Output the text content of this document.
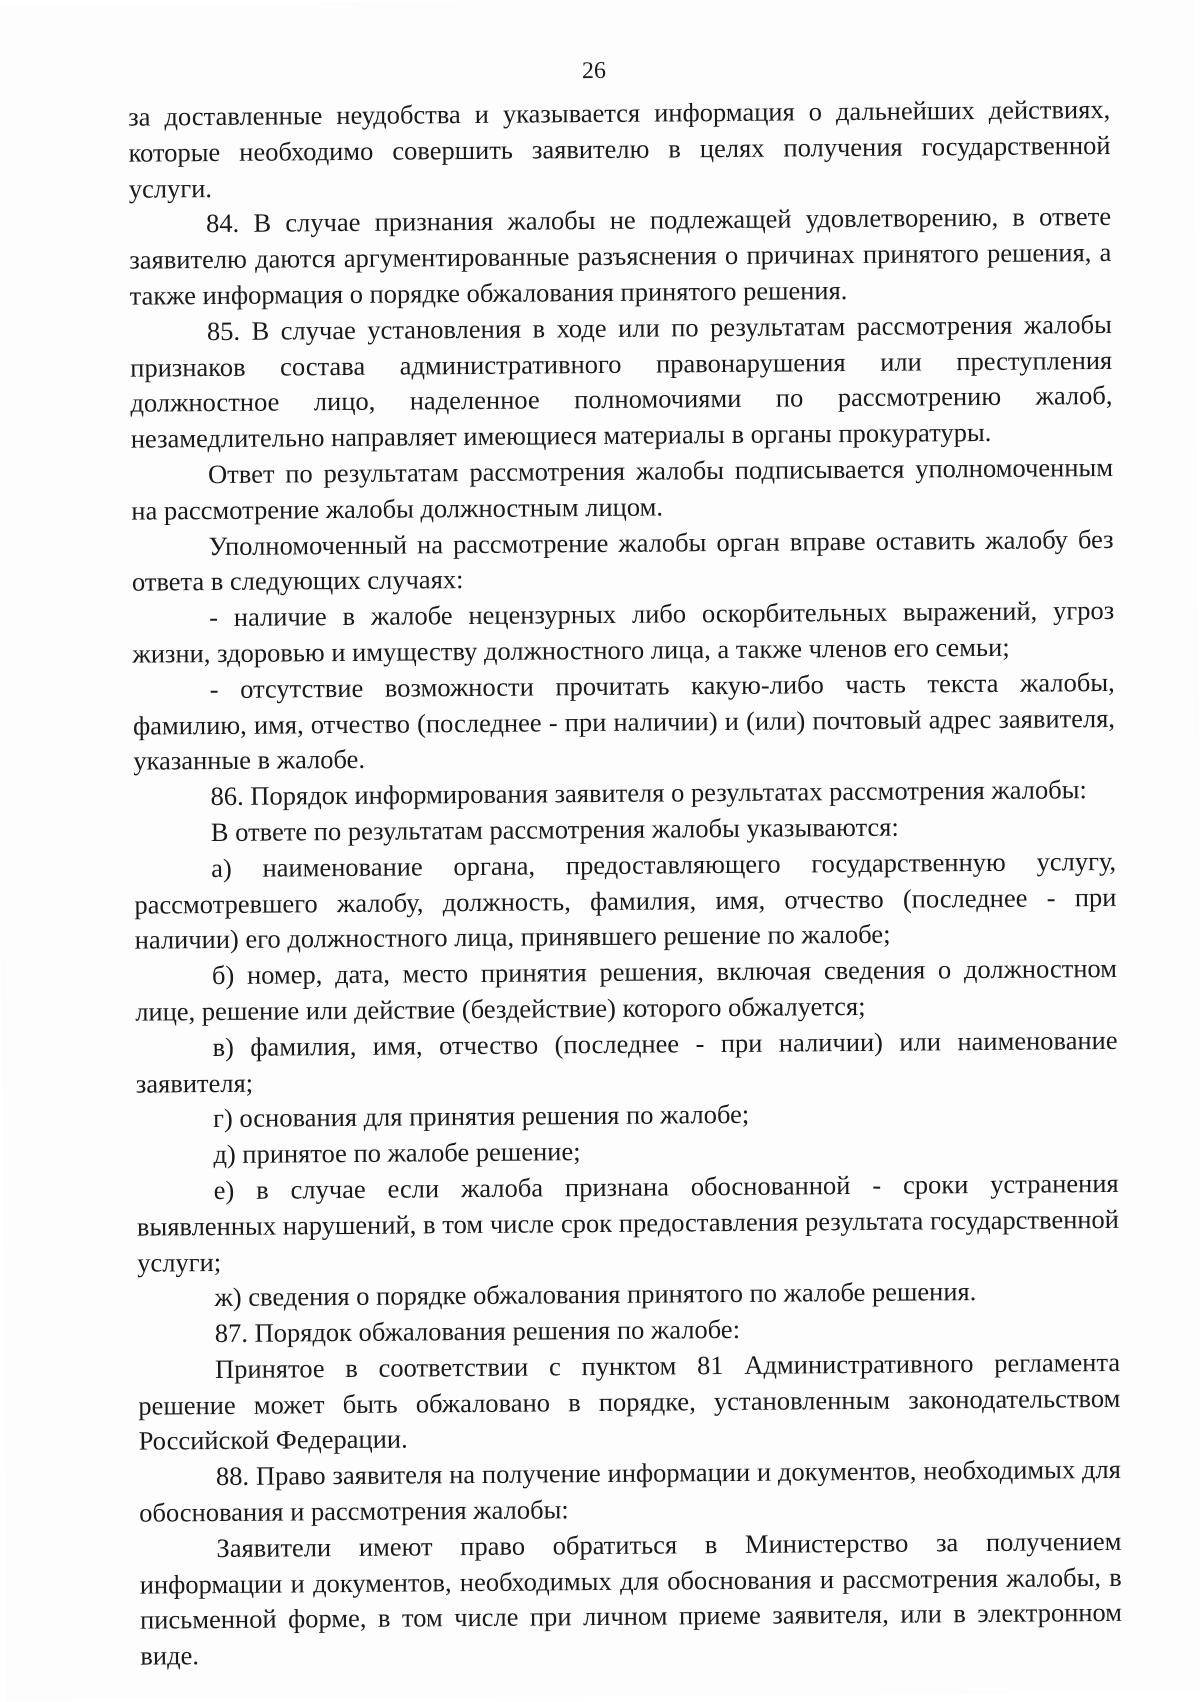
26

за доставленные неудобства и указывается информация о дальнейших действиях, которые необходимо совершить заявителю в целях получения государственной услуги.

84. В случае признания жалобы не подлежащей удовлетворению, в ответе заявителю даются аргументированные разъяснения о причинах принятого решения, а также информация о порядке обжалования принятого решения.

85. В случае установления в ходе или по результатам рассмотрения жалобы признаков состава административного правонарушения или преступления должностное лицо, наделенное полномочиями по рассмотрению жалоб, незамедлительно направляет имеющиеся материалы в органы прокуратуры.

Ответ по результатам рассмотрения жалобы подписывается уполномоченным на рассмотрение жалобы должностным лицом.

Уполномоченный на рассмотрение жалобы орган вправе оставить жалобу без ответа в следующих случаях:

- наличие в жалобе нецензурных либо оскорбительных выражений, угроз жизни, здоровью и имуществу должностного лица, а также членов его семьи;

- отсутствие возможности прочитать какую-либо часть текста жалобы, фамилию, имя, отчество (последнее - при наличии) и (или) почтовый адрес заявителя, указанные в жалобе.

86. Порядок информирования заявителя о результатах рассмотрения жалобы:

В ответе по результатам рассмотрения жалобы указываются:

а) наименование органа, предоставляющего государственную услугу, рассмотревшего жалобу, должность, фамилия, имя, отчество (последнее - при наличии) его должностного лица, принявшего решение по жалобе;

б) номер, дата, место принятия решения, включая сведения о должностном лице, решение или действие (бездействие) которого обжалуется;

в) фамилия, имя, отчество (последнее - при наличии) или наименование заявителя;

г) основания для принятия решения по жалобе;

д) принятое по жалобе решение;

е) в случае если жалоба признана обоснованной - сроки устранения выявленных нарушений, в том числе срок предоставления результата государственной услуги;

ж) сведения о порядке обжалования принятого по жалобе решения.

87. Порядок обжалования решения по жалобе:

Принятое в соответствии с пунктом 81 Административного регламента решение может быть обжаловано в порядке, установленным законодательством Российской Федерации.

88. Право заявителя на получение информации и документов, необходимых для обоснования и рассмотрения жалобы:

Заявители имеют право обратиться в Министерство за получением информации и документов, необходимых для обоснования и рассмотрения жалобы, в письменной форме, в том числе при личном приеме заявителя, или в электронном виде.
